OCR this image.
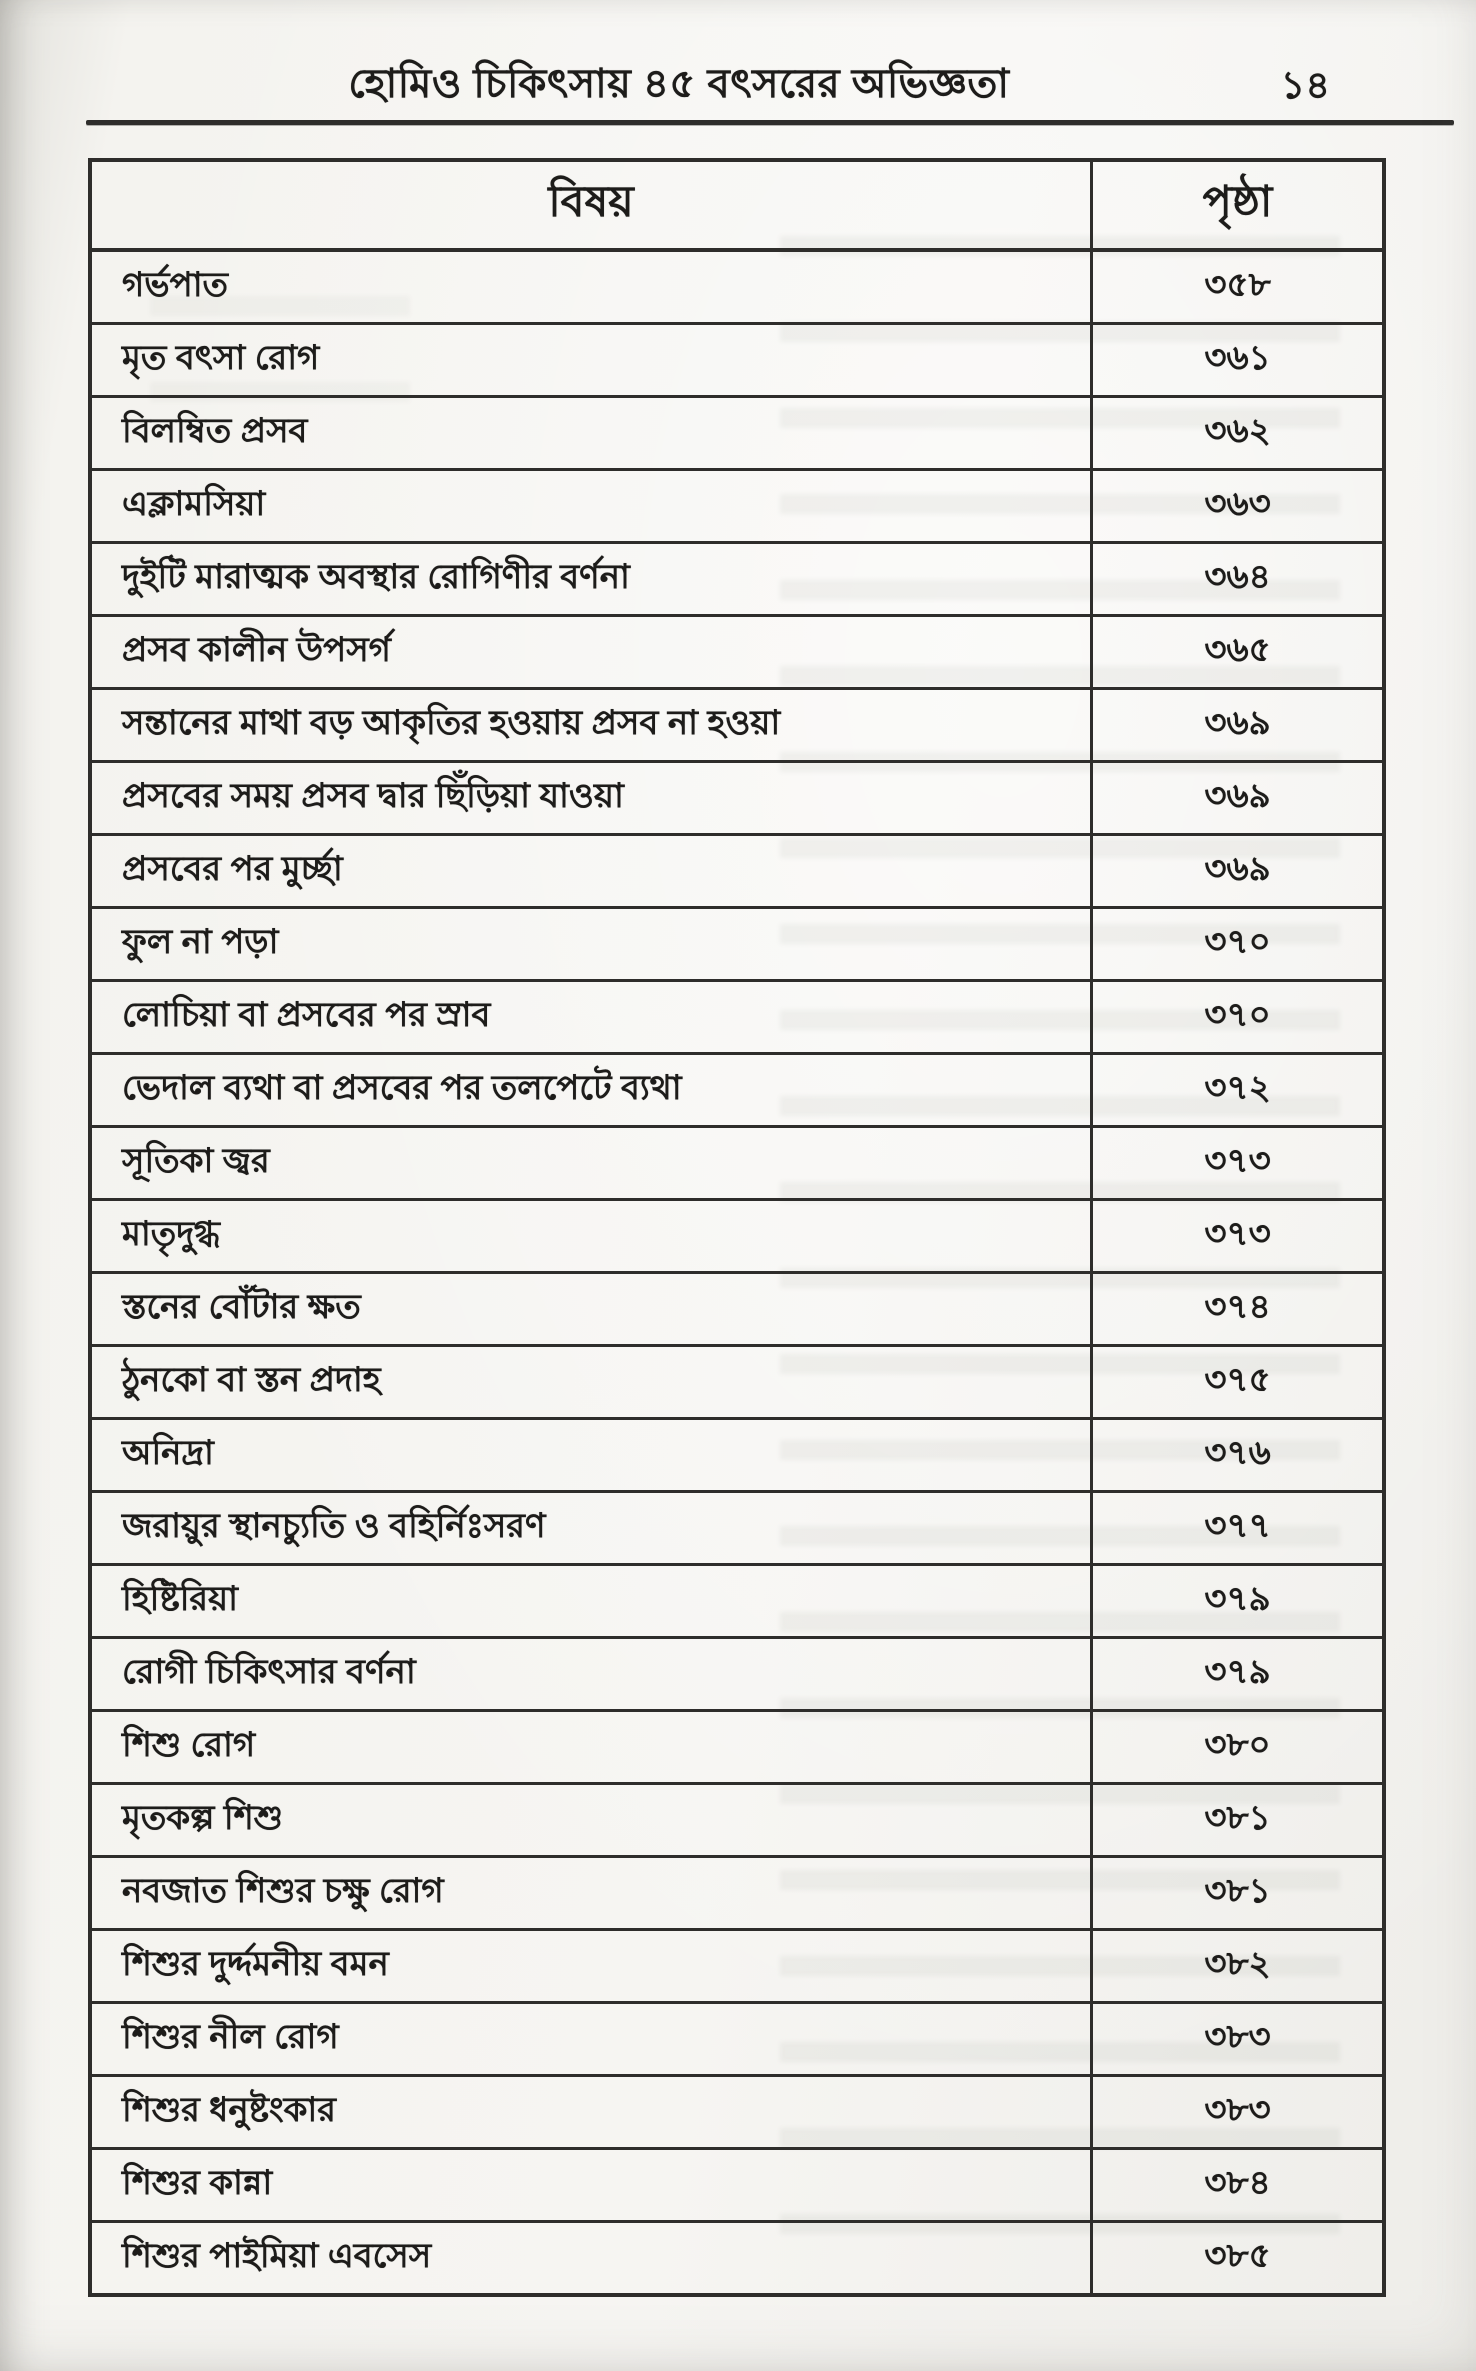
হোমিও চিকিৎসায় ৪৫ বৎসরের অভিজ্ঞতা	১৪
বিষয়	পৃষ্ঠা
গর্ভপাত	৩৫৮
মৃত বৎসা রোগ	৩৬১
বিলম্বিত প্রসব	৩৬২
এক্লামসিয়া	৩৬৩
দুইটি মারাত্মক অবস্থার রোগিণীর বর্ণনা	৩৬৪
প্রসব কালীন উপসর্গ	৩৬৫
সন্তানের মাথা বড় আকৃতির হওয়ায় প্রসব না হওয়া	৩৬৯
প্রসবের সময় প্রসব দ্বার ছিঁড়িয়া যাওয়া	৩৬৯
প্রসবের পর মুর্চ্ছা	৩৬৯
ফুল না পড়া	৩৭০
লোচিয়া বা প্রসবের পর স্রাব	৩৭০
ভেদাল ব্যথা বা প্রসবের পর তলপেটে ব্যথা	৩৭২
সূতিকা জ্বর	৩৭৩
মাতৃদুগ্ধ	৩৭৩
স্তনের বোঁটার ক্ষত	৩৭৪
ঠুনকো বা স্তন প্রদাহ	৩৭৫
অনিদ্রা	৩৭৬
জরায়ুর স্থানচ্যুতি ও বহির্নিঃসরণ	৩৭৭
হিষ্টিরিয়া	৩৭৯
রোগী চিকিৎসার বর্ণনা	৩৭৯
শিশু রোগ	৩৮০
মৃতকল্প শিশু	৩৮১
নবজাত শিশুর চক্ষু রোগ	৩৮১
শিশুর দুর্দ্দমনীয় বমন	৩৮২
শিশুর নীল রোগ	৩৮৩
শিশুর ধনুষ্টংকার	৩৮৩
শিশুর কান্না	৩৮৪
শিশুর পাইমিয়া এবসেস	৩৮৫
